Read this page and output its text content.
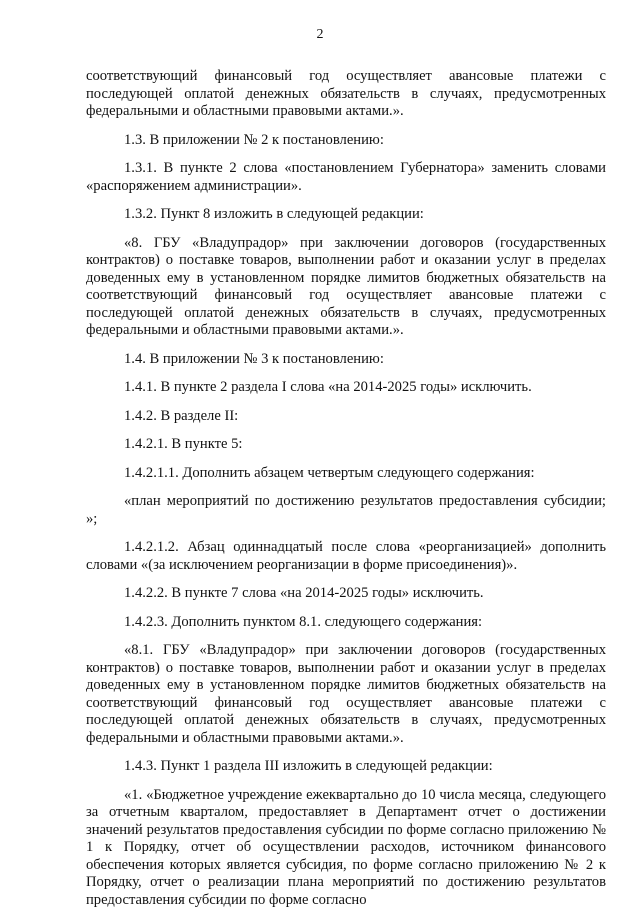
2

соответствующий финансовый год осуществляет авансовые платежи с последующей оплатой денежных обязательств в случаях, предусмотренных федеральными и областными правовыми актами.».

1.3. В приложении № 2 к постановлению:

1.3.1. В пункте 2 слова «постановлением Губернатора» заменить словами «распоряжением администрации».

1.3.2. Пункт 8 изложить в следующей редакции:

«8. ГБУ «Владупрадор» при заключении договоров (государственных контрактов) о поставке товаров, выполнении работ и оказании услуг в пределах доведенных ему в установленном порядке лимитов бюджетных обязательств на соответствующий финансовый год осуществляет авансовые платежи с последующей оплатой денежных обязательств в случаях, предусмотренных федеральными и областными правовыми актами.».

1.4. В приложении № 3 к постановлению:

1.4.1. В пункте 2 раздела I слова «на 2014-2025 годы» исключить.

1.4.2. В разделе II:

1.4.2.1. В пункте 5:

1.4.2.1.1. Дополнить абзацем четвертым следующего содержания:

«план мероприятий по достижению результатов предоставления субсидии; »;

1.4.2.1.2. Абзац одиннадцатый после слова «реорганизацией» дополнить словами «(за исключением реорганизации в форме присоединения)».

1.4.2.2. В пункте 7 слова «на 2014-2025 годы» исключить.

1.4.2.3. Дополнить пунктом 8.1. следующего содержания:

«8.1. ГБУ «Владупрадор» при заключении договоров (государственных контрактов) о поставке товаров, выполнении работ и оказании услуг в пределах доведенных ему в установленном порядке лимитов бюджетных обязательств на соответствующий финансовый год осуществляет авансовые платежи с последующей оплатой денежных обязательств в случаях, предусмотренных федеральными и областными правовыми актами.».

1.4.3. Пункт 1 раздела III изложить в следующей редакции:

«1. «Бюджетное учреждение ежеквартально до 10 числа месяца, следующего за отчетным кварталом, предоставляет в Департамент отчет о достижении значений результатов предоставления субсидии по форме согласно приложению № 1 к Порядку, отчет об осуществлении расходов, источником финансового обеспечения которых является субсидия, по форме согласно приложению № 2 к Порядку, отчет о реализации плана мероприятий по достижению результатов предоставления субсидии по форме согласно
